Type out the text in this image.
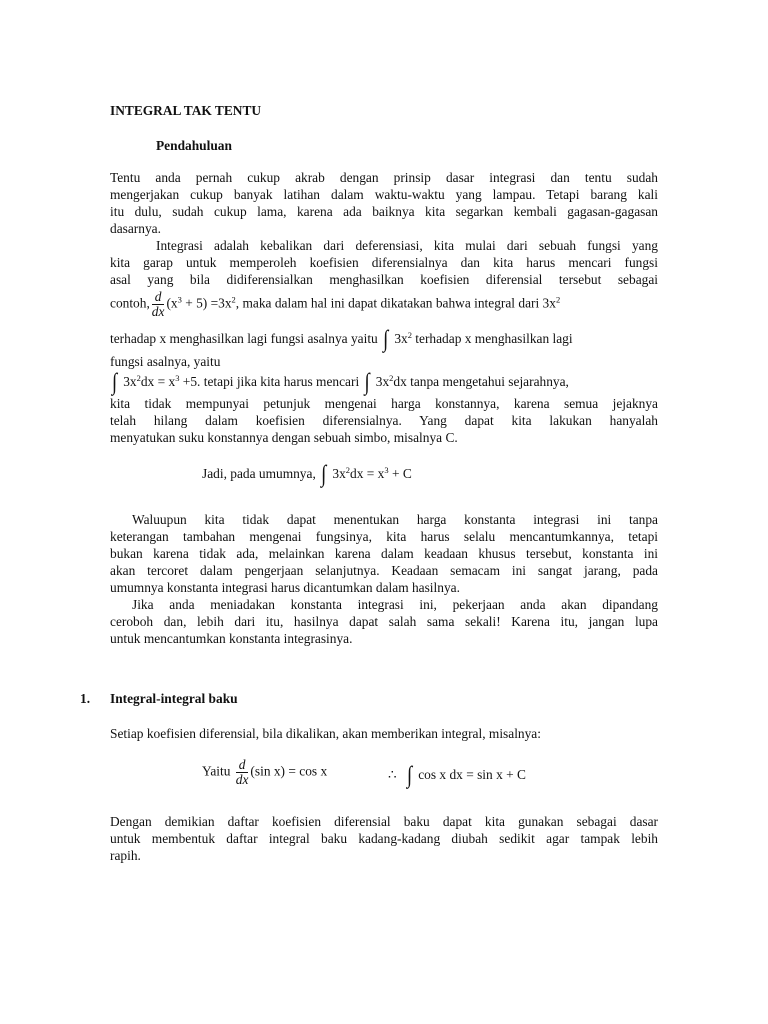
INTEGRAL TAK TENTU
Pendahuluan
Tentu anda pernah cukup akrab dengan prinsip dasar integrasi dan tentu sudah
mengerjakan cukup banyak latihan dalam waktu-waktu yang lampau. Tetapi barang kali
itu dulu, sudah cukup lama, karena ada baiknya kita segarkan kembali gagasan-gagasan
dasarnya.
Integrasi adalah kebalikan dari deferensiasi, kita mulai dari sebuah fungsi yang
kita garap untuk memperoleh koefisien diferensialnya dan kita harus mencari fungsi
asal yang bila didiferensialkan menghasilkan koefisien diferensial tersebut sebagai
contoh, $\frac{d}{dx} (x^3 + 5) =3x^2$, maka dalam hal ini dapat dikatakan bahwa integral dari $3x^2$
terhadap x menghasilkan lagi fungsi asalnya yaitu ∫ $3x^2$ terhadap x menghasilkan lagi
fungsi asalnya, yaitu
∫ $3x^2dx = x^3 +5$. tetapi jika kita harus mencari ∫ $3x^2dx$ tanpa mengetahui sejarahnya,
kita tidak mempunyai petunjuk mengenai harga konstannya, karena semua jejaknya
telah hilang dalam koefisien diferensialnya. Yang dapat kita lakukan hanyalah
menyatukan suku konstannya dengan sebuah simbo, misalnya C.
Jadi, pada umumnya, ∫ $3x^2dx = x^3 + C$
Waluupun kita tidak dapat menentukan harga konstanta integrasi ini tanpa
keterangan tambahan mengenai fungsinya, kita harus selalu mencantumkannya, tetapi
bukan karena tidak ada, melainkan karena dalam keadaan khusus tersebut, konstanta ini
akan tercoret dalam pengerjaan selanjutnya. Keadaan semacam ini sangat jarang, pada
umumnya konstanta integrasi harus dicantumkan dalam hasilnya.
Jika anda meniadakan konstanta integrasi ini, pekerjaan anda akan dipandang
ceroboh dan, lebih dari itu, hasilnya dapat salah sama sekali! Karena itu, jangan lupa
untuk mencantumkan konstanta integrasinya.
1. Integral-integral baku
Setiap koefisien diferensial, bila dikalikan, akan memberikan integral, misalnya:
Yaitu $\frac{d}{dx} (\sin$ x) = cos x	∴ ∫ cos x dx = sin x + C
Dengan demikian daftar koefisien diferensial baku dapat kita gunakan sebagai dasar
untuk membentuk daftar integral baku kadang-kadang diubah sedikit agar tampak lebih
rapih.
